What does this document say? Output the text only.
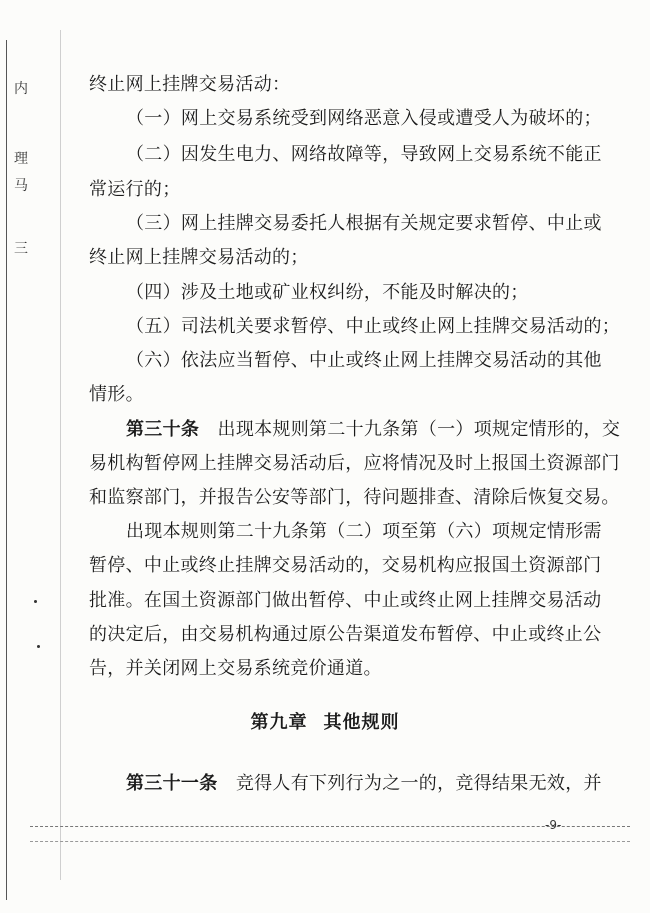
内
理
马
三
终止网上挂牌交易活动：
（一）网上交易系统受到网络恶意入侵或遭受人为破坏的；
（二）因发生电力、网络故障等，导致网上交易系统不能正
常运行的；
（三）网上挂牌交易委托人根据有关规定要求暂停、中止或
终止网上挂牌交易活动的；
（四）涉及土地或矿业权纠纷，不能及时解决的；
（五）司法机关要求暂停、中止或终止网上挂牌交易活动的；
（六）依法应当暂停、中止或终止网上挂牌交易活动的其他
情形。
第三十条　 出现本规则第二十九条第（一）项规定情形的，交
易机构暂停网上挂牌交易活动后，应将情况及时上报国土资源部门
和监察部门，并报告公安等部门，待问题排查、清除后恢复交易。
出现本规则第二十九条第（二）项至第（六）项规定情形需
暂停、中止或终止挂牌交易活动的，交易机构应报国土资源部门
批准。在国土资源部门做出暂停、中止或终止网上挂牌交易活动
的决定后，由交易机构通过原公告渠道发布暂停、中止或终止公
告，并关闭网上交易系统竞价通道。
第九章 其他规则
第三十一条　 竞得人有下列行为之一的，竞得结果无效，并
-9-
